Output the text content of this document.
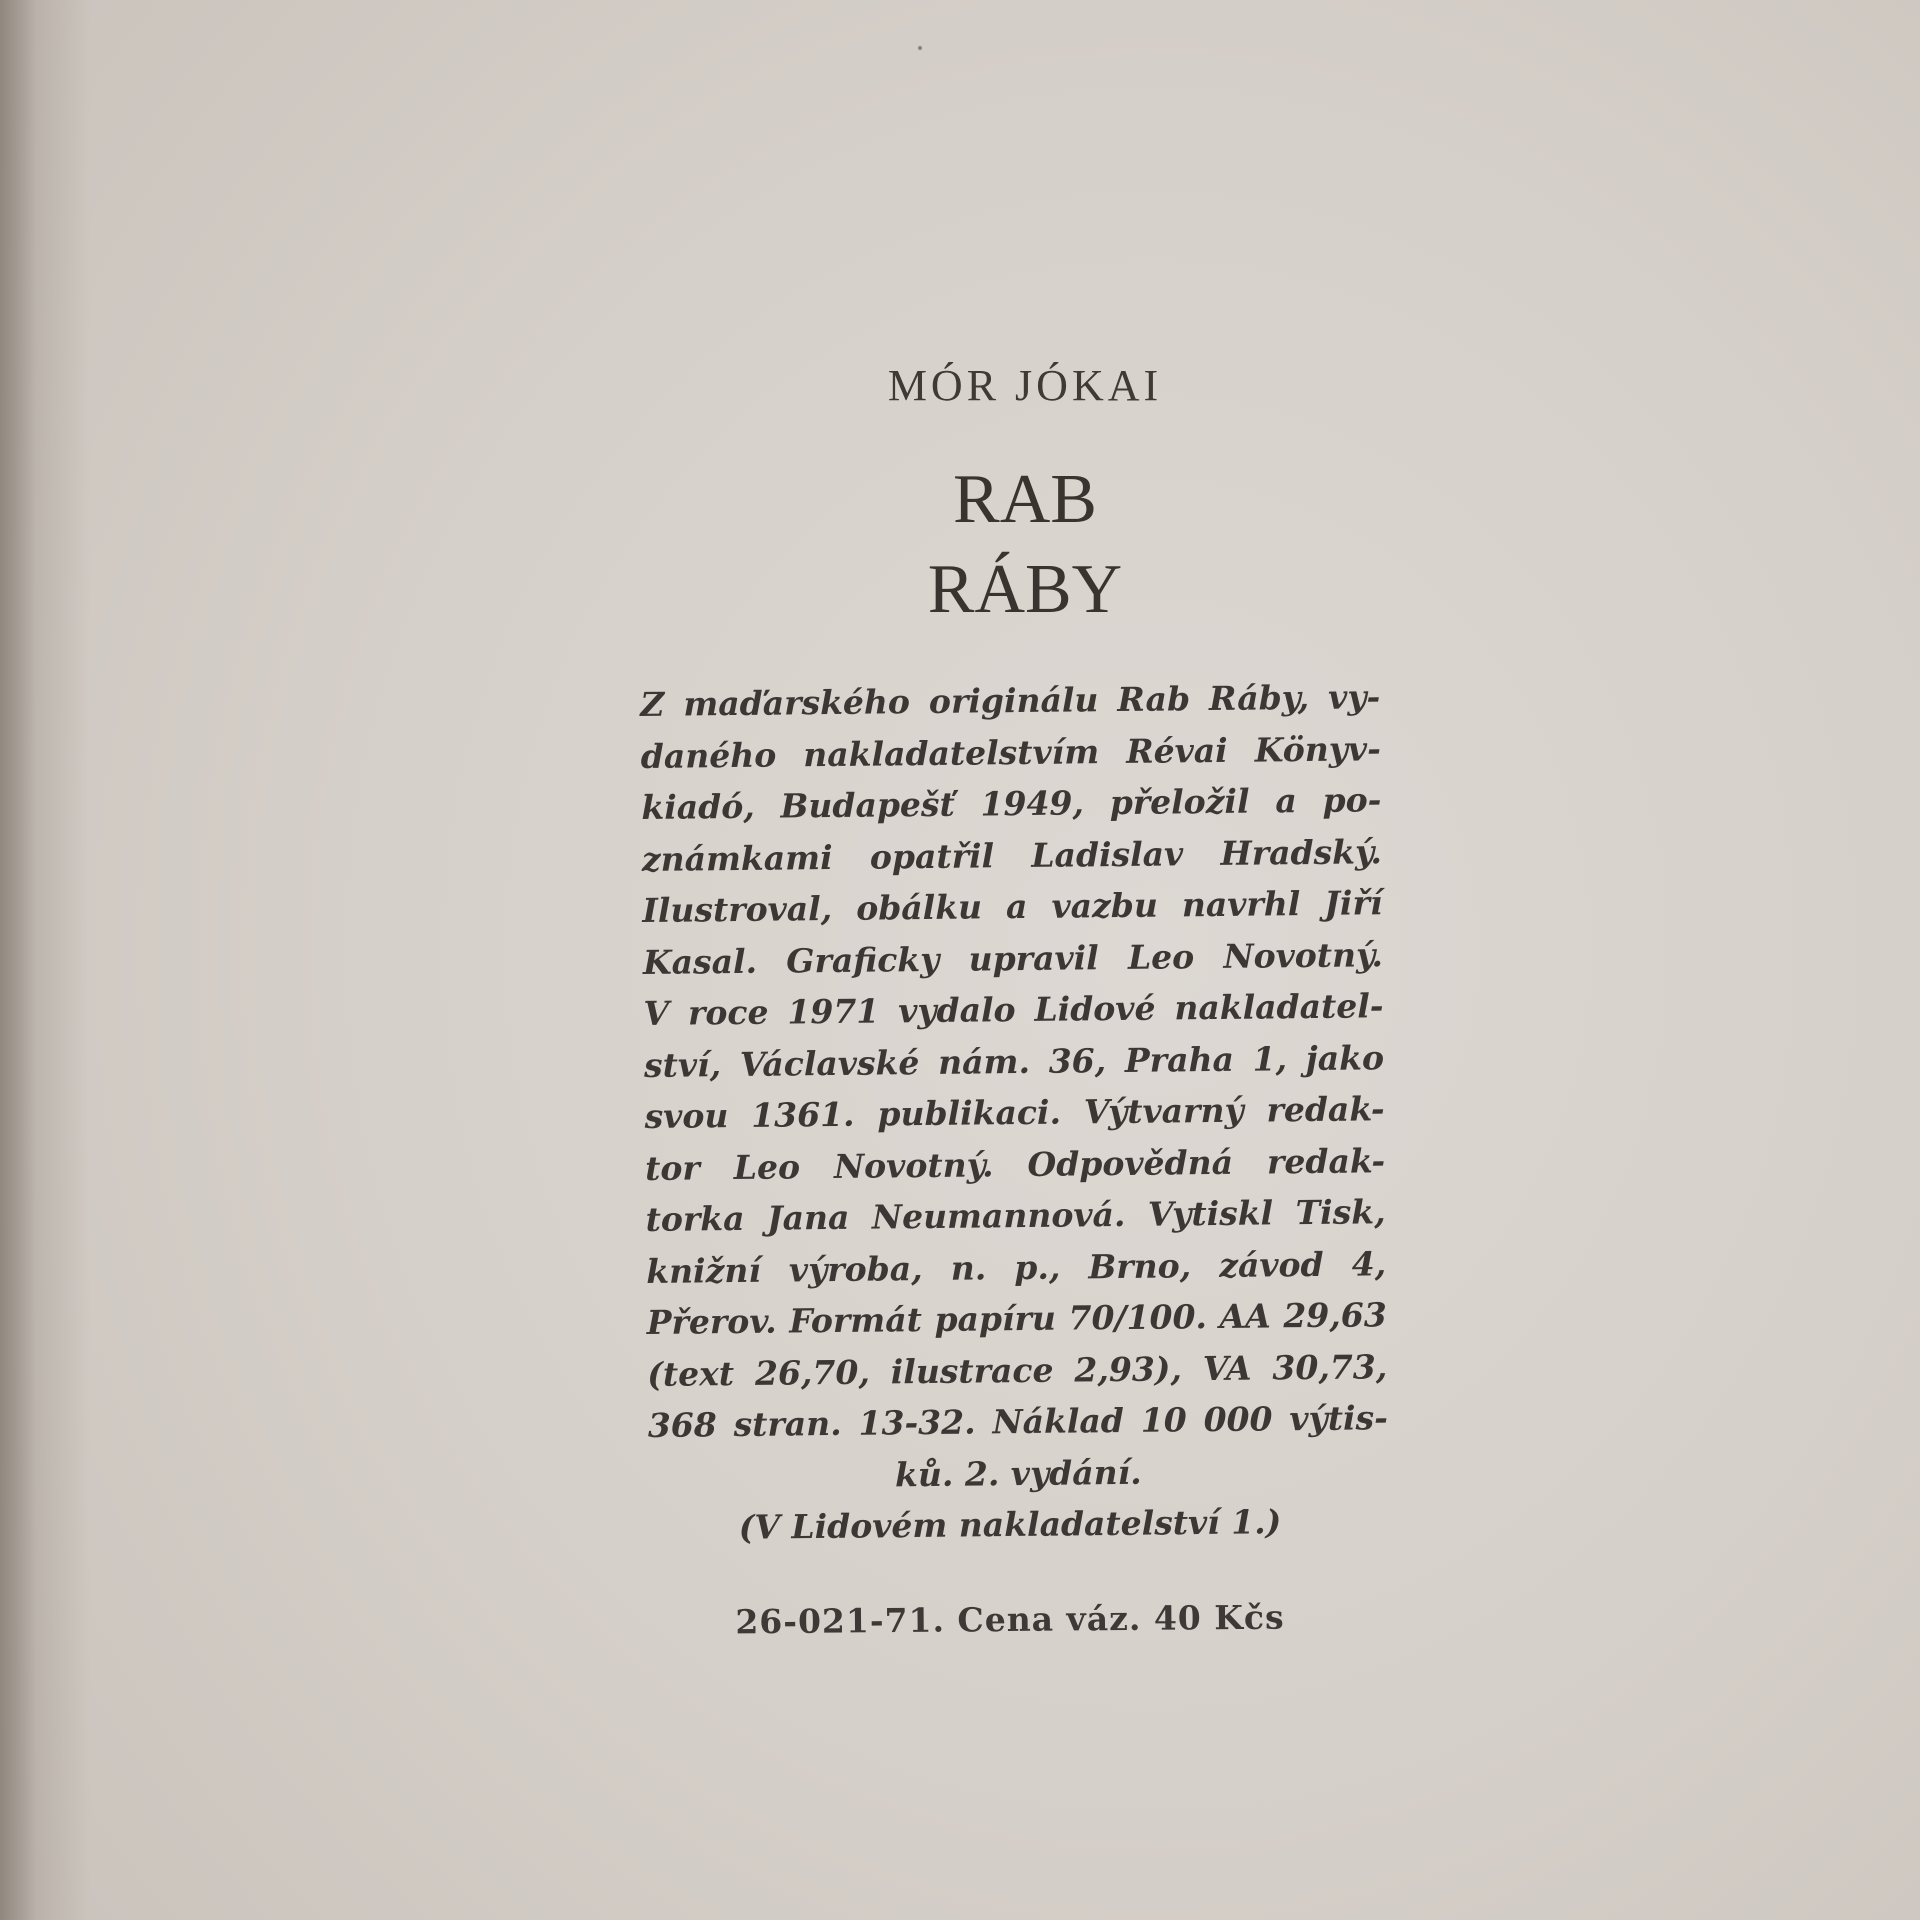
MÓR JÓKAI
RAB
RÁBY
Z maďarského originálu Rab Ráby, vy-
daného nakladatelstvím Révai Könyv-
kiadó, Budapešť 1949, přeložil a po-
známkami opatřil Ladislav Hradský.
Ilustroval, obálku a vazbu navrhl Jiří
Kasal. Graficky upravil Leo Novotný.
V roce 1971 vydalo Lidové nakladatel-
ství, Václavské nám. 36, Praha 1, jako
svou 1361. publikaci. Výtvarný redak-
tor Leo Novotný. Odpovědná redak-
torka Jana Neumannová. Vytiskl Tisk,
knižní výroba, n. p., Brno, závod 4,
Přerov. Formát papíru 70/100. AA 29,63
(text 26,70, ilustrace 2,93), VA 30,73,
368 stran. 13-32. Náklad 10 000 výtis-
ků. 2. vydání.
(V Lidovém nakladatelství 1.)
26-021-71. Cena váz. 40 Kčs
